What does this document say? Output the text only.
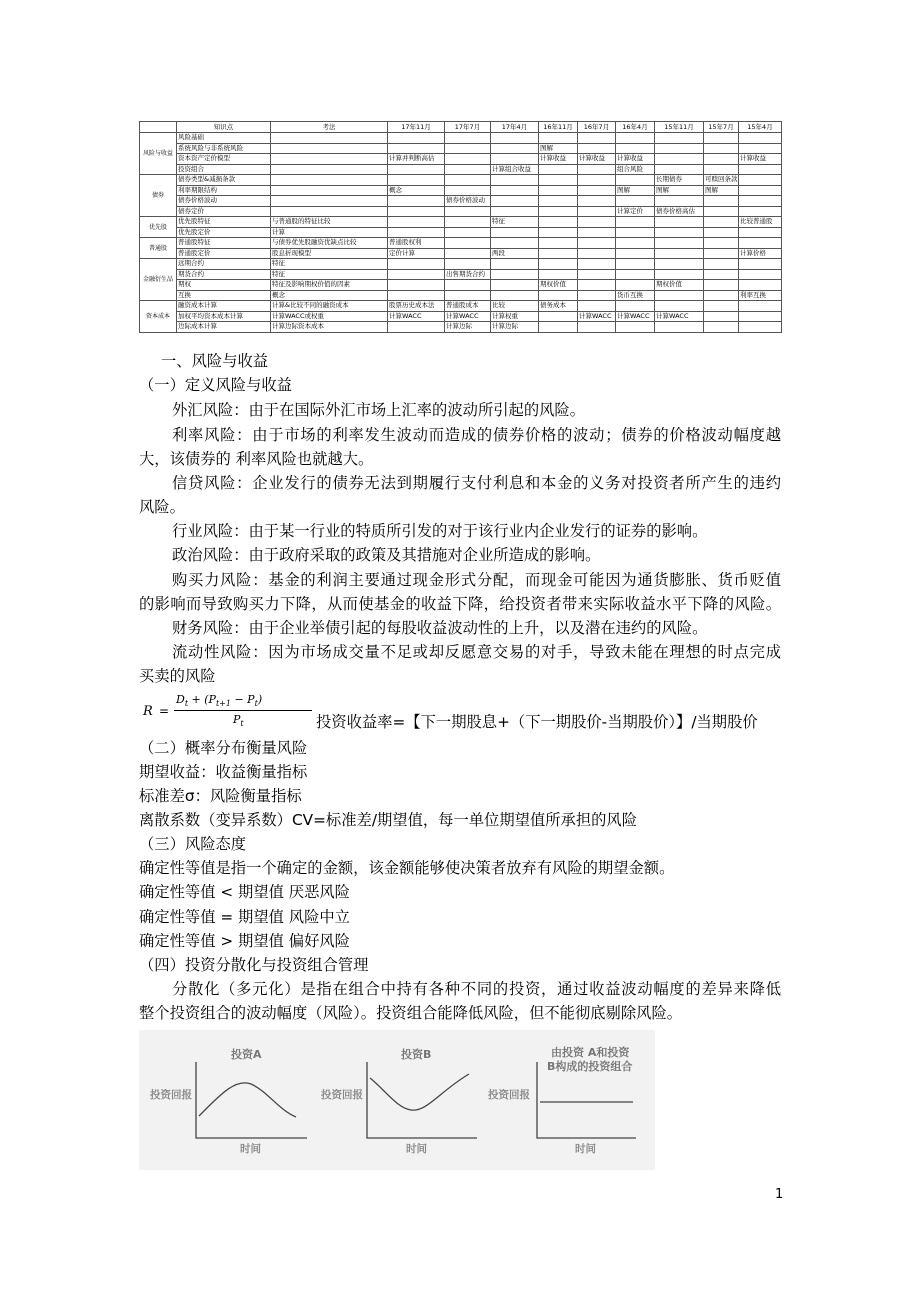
	知识点	考法	17年11月	17年7月	17年4月	16年11月	16年7月	16年4月	15年11月	15年7月	15年4月
风险与收益	风险基础										
	系统风险与非系统风险					图解					
	资本资产定价模型		计算并判断高估			计算收益	计算收益	计算收益			计算收益
	投资组合				计算组合收益			组合风险			
债券	债券类型&减损条款								长期债券	可赎回条款	
	利率期限结构		概念					图解	图解	图解	
	债券价格波动			债券价格波动							
	债券定价							计算定价	债券价格高估		
优先股	优先股特征	与普通股的特征比较			特征						比较普通股
	优先股定价	计算									
普通股	普通股特征	与债券优先股融资优缺点比较	普通股权利								
	普通股定价	股息折现模型	定价计算		两段						计算价格
金融衍生品	远期合约	特征									
	期货合约	特征		出售期货合约							
	期权	特征及影响期权价值的因素				期权价值			期权价值		
	互换	概念						货币互换			利率互换
资本成本	融资成本计算	计算&比较不同的融资成本	股票历史成本法	普通股成本	比较	债务成本					
	加权平均资本成本计算	计算WACC或权重	计算WACC	计算WACC	计算权重		计算WACC	计算WACC	计算WACC		
	边际成本计算	计算边际资本成本		计算边际	计算边际						
一、风险与收益
（一）定义风险与收益
外汇风险：由于在国际外汇市场上汇率的波动所引起的风险。
利率风险：由于市场的利率发生波动而造成的债券价格的波动；债券的价格波动幅度越
大，该债券的 利率风险也就越大。
信贷风险：企业发行的债券无法到期履行支付利息和本金的义务对投资者所产生的违约
风险。
行业风险：由于某一行业的特质所引发的对于该行业内企业发行的证券的影响。
政治风险：由于政府采取的政策及其措施对企业所造成的影响。
购买力风险：基金的利润主要通过现金形式分配，而现金可能因为通货膨胀、货币贬值
的影响而导致购买力下降，从而使基金的收益下降，给投资者带来实际收益水平下降的风险。
财务风险：由于企业举债引起的每股收益波动性的上升，以及潜在违约的风险。
流动性风险：因为市场成交量不足或却反愿意交易的对手，导致未能在理想的时点完成
买卖的风险
R =
$D_t + (P_{t+1} - P_t)$
$P_t$	投资收益率=【下一期股息+（下一期股价-当期股价）】/当期股价
（二）概率分布衡量风险
期望收益：收益衡量指标
标准差σ：风险衡量指标
离散系数（变异系数）CV=标准差/期望值，每一单位期望值所承担的风险
（三）风险态度
确定性等值是指一个确定的金额，该金额能够使决策者放弃有风险的期望金额。
确定性等值 < 期望值 厌恶风险
确定性等值 = 期望值 风险中立
确定性等值 > 期望值 偏好风险
（四）投资分散化与投资组合管理
分散化（多元化）是指在组合中持有各种不同的投资，通过收益波动幅度的差异来降低
整个投资组合的波动幅度（风险）。投资组合能降低风险，但不能彻底剔除风险。
投资A	投资B	由投资 A和投资
B构成的投资组合
投资回报	投资回报	投资回报
时间	时间	时间
1
